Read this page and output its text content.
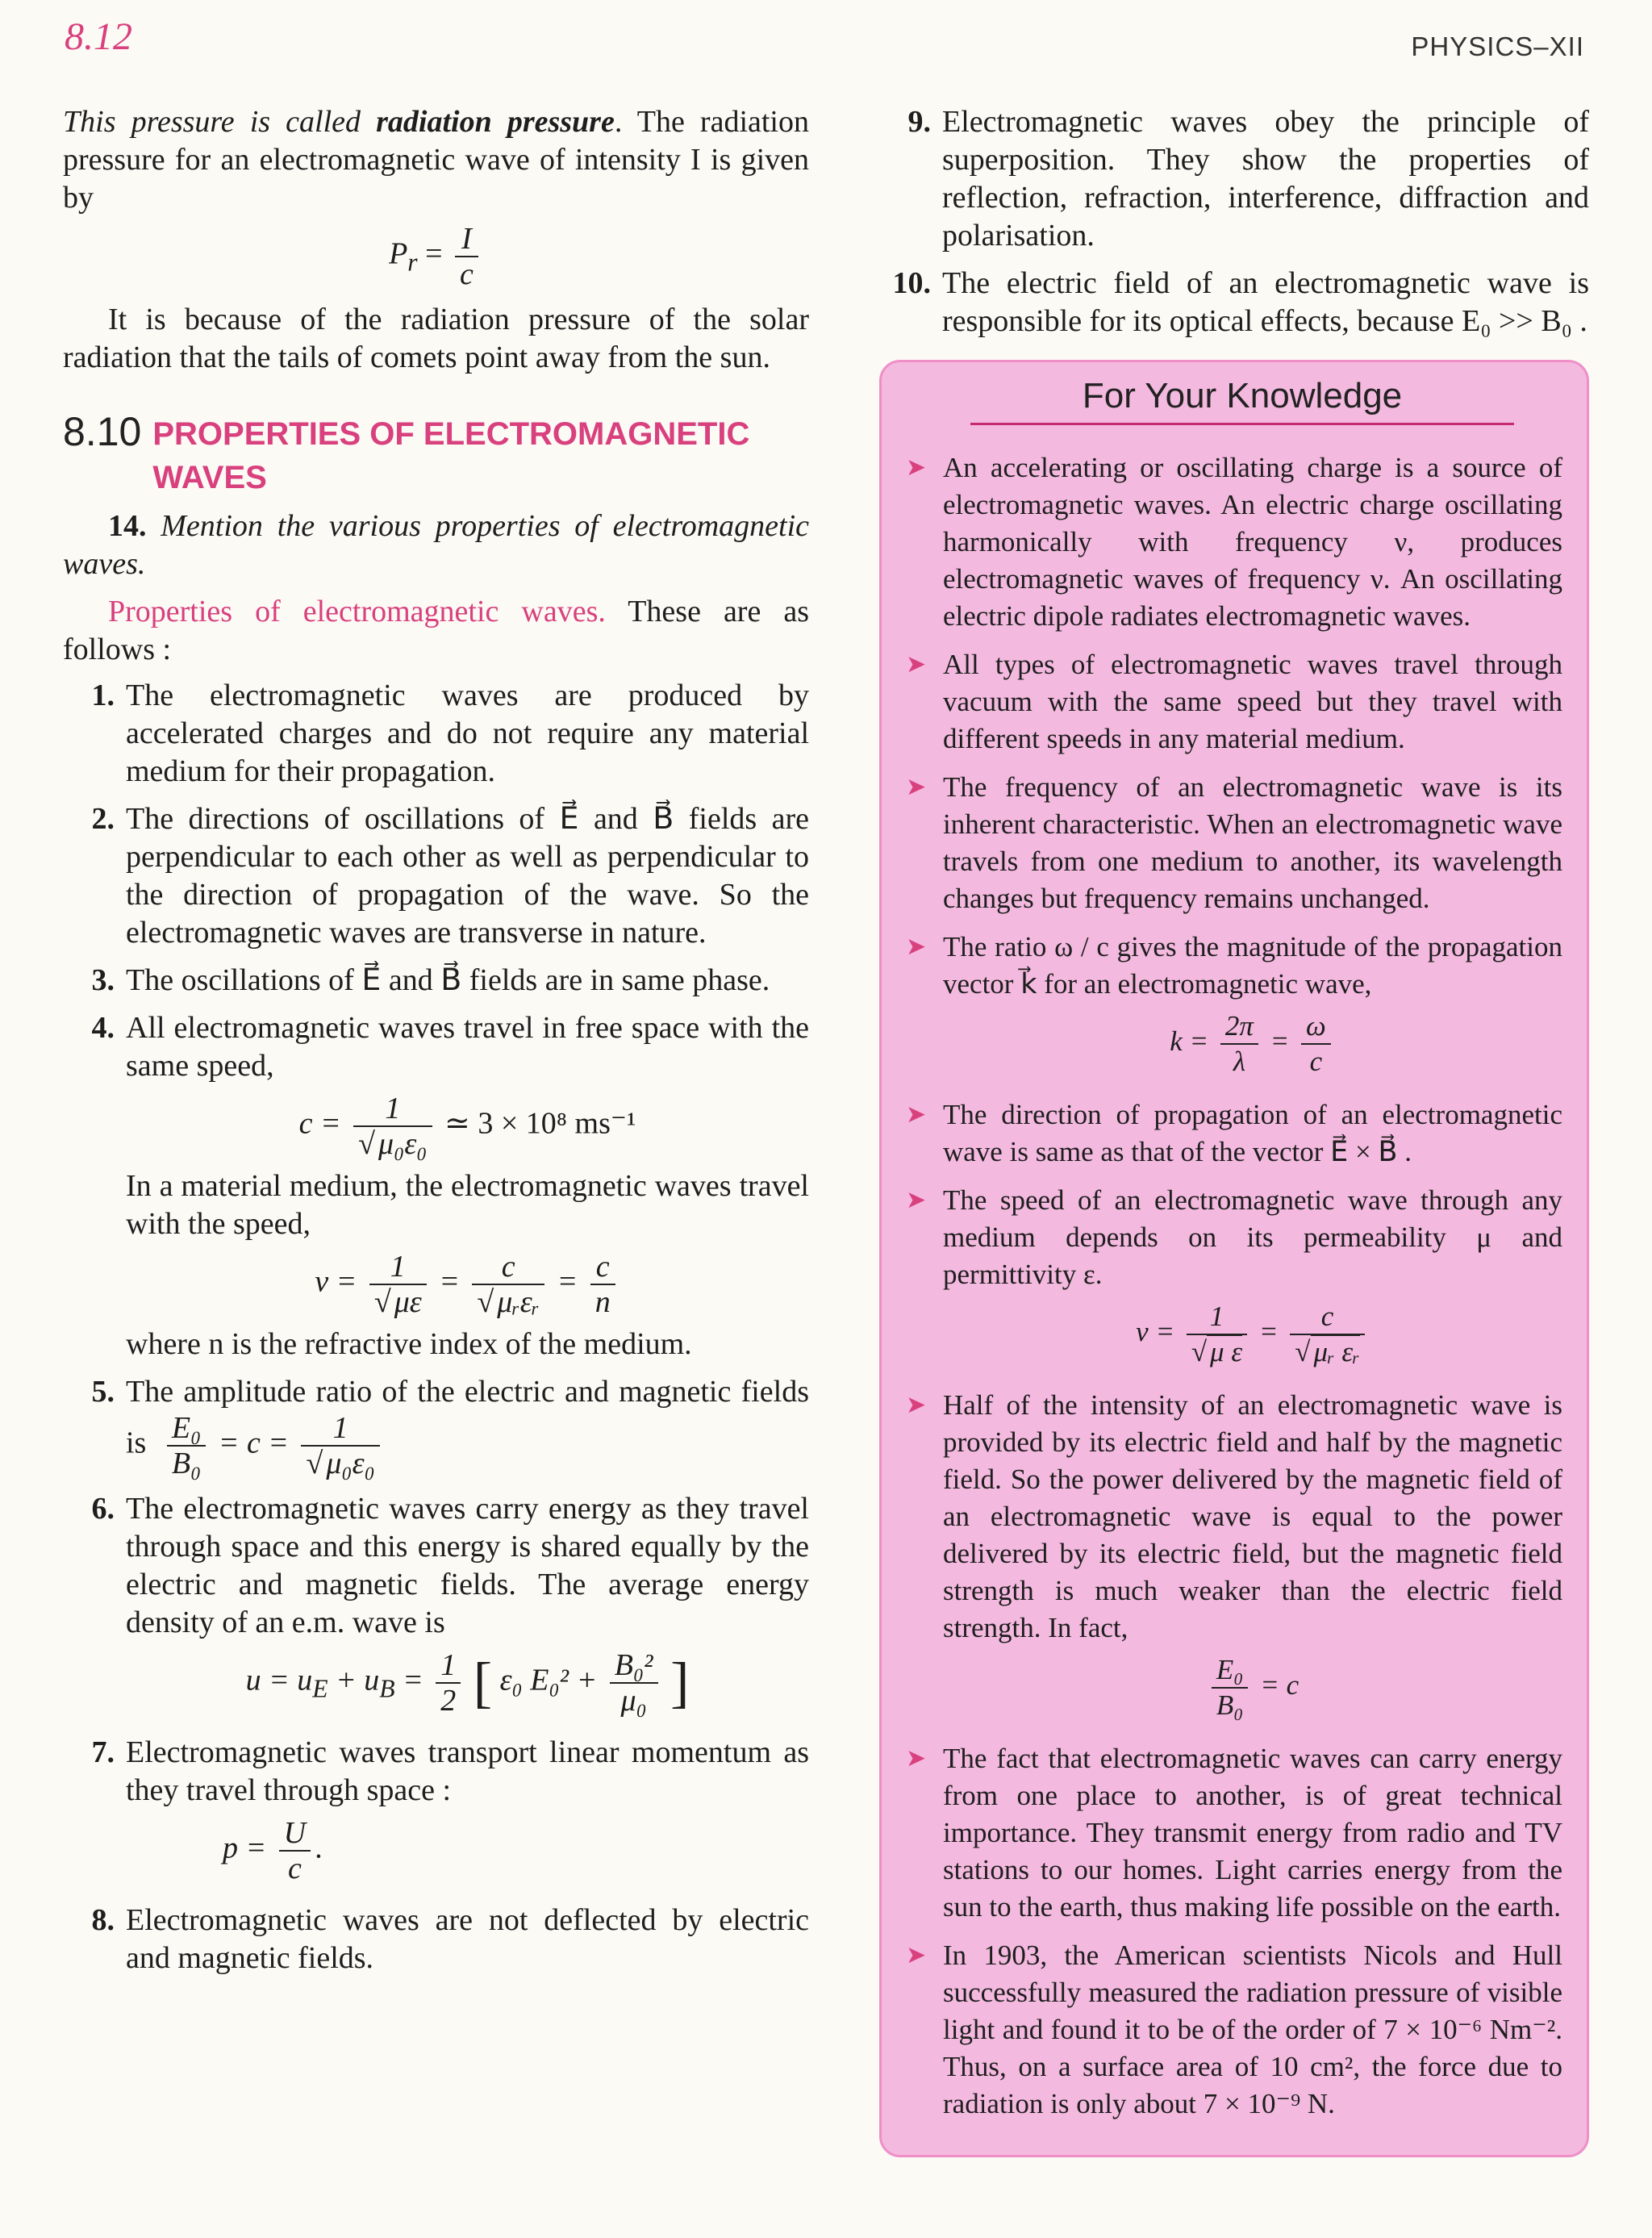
8.12	PHYSICS–XII

This pressure is called radiation pressure. The radiation pressure for an electromagnetic wave of intensity I is given by

$P_r = \frac{I}{c}$

It is because of the radiation pressure of the solar radiation that the tails of comets point away from the sun.

8.10 PROPERTIES OF ELECTROMAGNETIC WAVES

14. Mention the various properties of electromagnetic waves.

Properties of electromagnetic waves. These are as follows :

1. The electromagnetic waves are produced by accelerated charges and do not require any material medium for their propagation.
2. The directions of oscillations of E⃗ and B⃗ fields are perpendicular to each other as well as perpendicular to the direction of propagation of the wave. So the electromagnetic waves are transverse in nature.
3. The oscillations of E⃗ and B⃗ fields are in same phase.
4. All electromagnetic waves travel in free space with the same speed,
$c = \frac{1}{\text{√ μ₀ε₀}}$ ≃ 3 × 10⁸ ms⁻¹
In a material medium, the electromagnetic waves travel with the speed,
$v = \frac{1}{√ \mu\varepsilon} = \frac{c}{\text{√ μᵣεᵣ}} = \frac{c}{n}$
where n is the refractive index of the medium.
5. The amplitude ratio of the electric and magnetic fields is $\frac{\text{E₀}}{\text{B₀}} = c = \frac{1}{\text{√ μ₀ε₀}}$
6. The electromagnetic waves carry energy as they travel through space and this energy is shared equally by the electric and magnetic fields. The average energy density of an e.m. wave is
$u = u_E + u_B = \frac{1}{2}$ [ ε₀ $E_0^2 + \frac{\text{B₀²}}{\text{μ₀}}$ ]
7. Electromagnetic waves transport linear momentum as they travel through space :
$p = \frac{U}{c}$ .
8. Electromagnetic waves are not deflected by electric and magnetic fields.
9. Electromagnetic waves obey the principle of superposition. They show the properties of reflection, refraction, interference, diffraction and polarisation.
10. The electric field of an electromagnetic wave is responsible for its optical effects, because E₀ >> B₀ .
For Your Knowledge
➤ An accelerating or oscillating charge is a source of electromagnetic waves. An electric charge oscillating harmonically with frequency ν, produces electromagnetic waves of frequency ν. An oscillating electric dipole radiates electromagnetic waves.
➤ All types of electromagnetic waves travel through vacuum with the same speed but they travel with different speeds in any material medium.
➤ The frequency of an electromagnetic wave is its inherent characteristic. When an electromagnetic wave travels from one medium to another, its wavelength changes but frequency remains unchanged.
➤ The ratio ω / c gives the magnitude of the propagation vector k⃗ for an electromagnetic wave,
$k = \frac{2\pi}{\lambda} = \frac{\omega}{c}$
➤ The direction of propagation of an electromagnetic wave is same as that of the vector E⃗ × B⃗ .
➤ The speed of an electromagnetic wave through any medium depends on its permeability μ and permittivity ε.
$v = \frac{1}{\text{√ μ ε}} = \frac{c}{\text{√ μᵣ εᵣ}}$
➤ Half of the intensity of an electromagnetic wave is provided by its electric field and half by the magnetic field. So the power delivered by the magnetic field of an electromagnetic wave is equal to the power delivered by its electric field, but the magnetic field strength is much weaker than the electric field strength. In fact,
$\frac{\text{E₀}}{\text{B₀}} = c$
➤ The fact that electromagnetic waves can carry energy from one place to another, is of great technical importance. They transmit energy from radio and TV stations to our homes. Light carries energy from the sun to the earth, thus making life possible on the earth.
➤ In 1903, the American scientists Nicols and Hull successfully measured the radiation pressure of visible light and found it to be of the order of 7 × 10⁻⁶ Nm⁻². Thus, on a surface area of 10 cm², the force due to radiation is only about 7 × 10⁻⁹ N.
